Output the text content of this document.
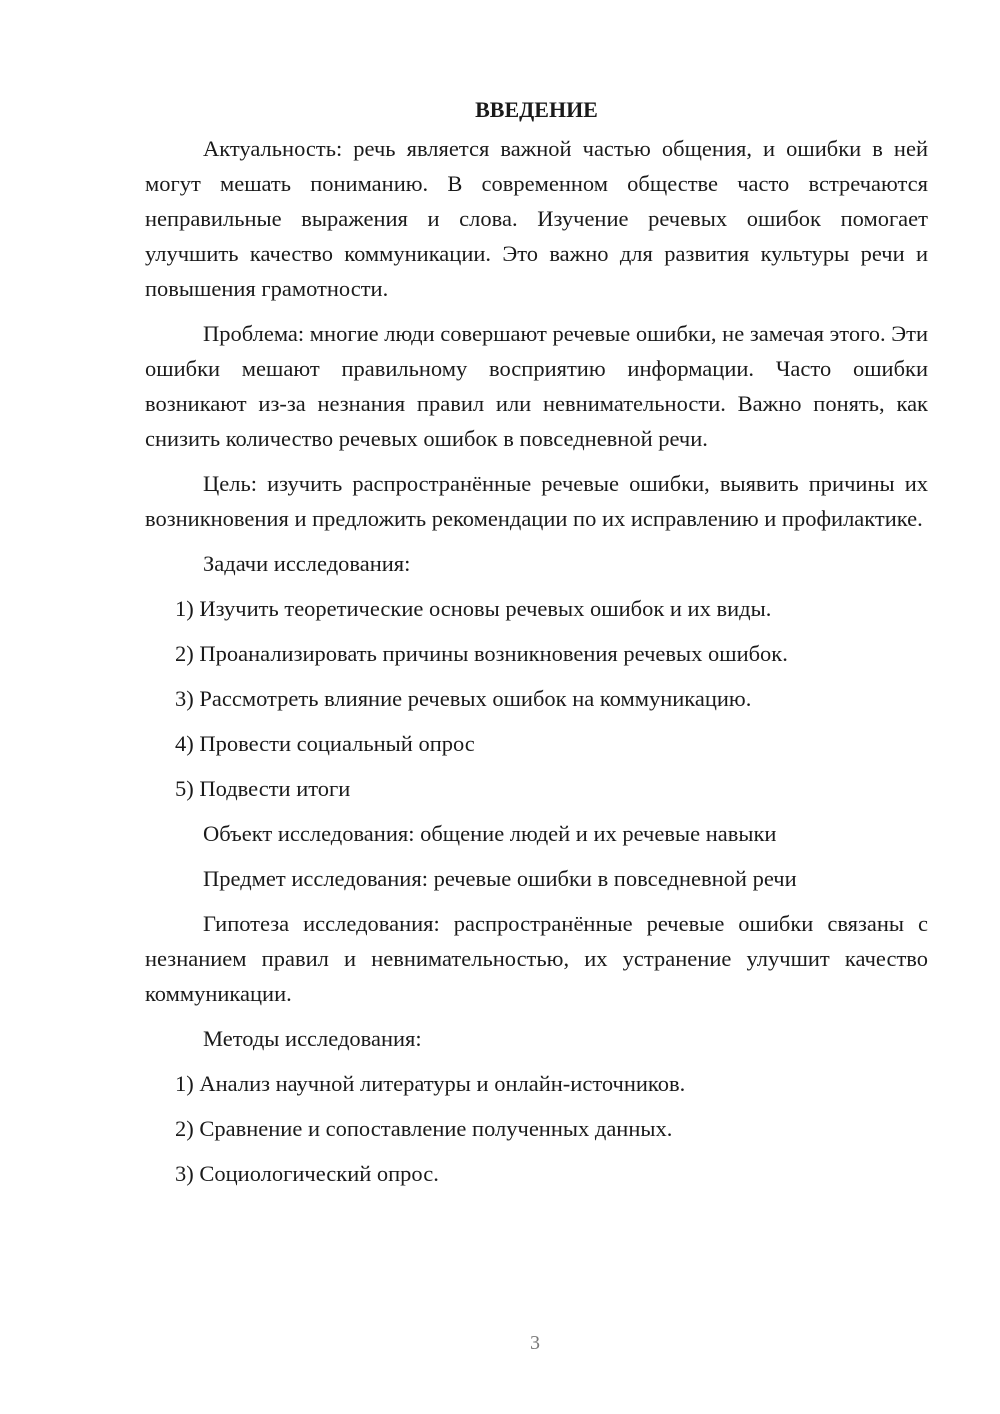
ВВЕДЕНИЕ

Актуальность: речь является важной частью общения, и ошибки в ней могут мешать пониманию. В современном обществе часто встречаются неправильные выражения и слова. Изучение речевых ошибок помогает улучшить качество коммуникации. Это важно для развития культуры речи и повышения грамотности.

Проблема: многие люди совершают речевые ошибки, не замечая этого. Эти ошибки мешают правильному восприятию информации. Часто ошибки возникают из-за незнания правил или невнимательности. Важно понять, как снизить количество речевых ошибок в повседневной речи.

Цель: изучить распространённые речевые ошибки, выявить причины их возникновения и предложить рекомендации по их исправлению и профилактике.

Задачи исследования:

1) Изучить теоретические основы речевых ошибок и их виды.
2) Проанализировать причины возникновения речевых ошибок.
3) Рассмотреть влияние речевых ошибок на коммуникацию.
4) Провести социальный опрос
5) Подвести итоги

Объект исследования: общение людей и их речевые навыки

Предмет исследования: речевые ошибки в повседневной речи

Гипотеза исследования: распространённые речевые ошибки связаны с незнанием правил и невнимательностью, их устранение улучшит качество коммуникации.

Методы исследования:

1) Анализ научной литературы и онлайн-источников.
2) Сравнение и сопоставление полученных данных.
3) Социологический опрос.
3
